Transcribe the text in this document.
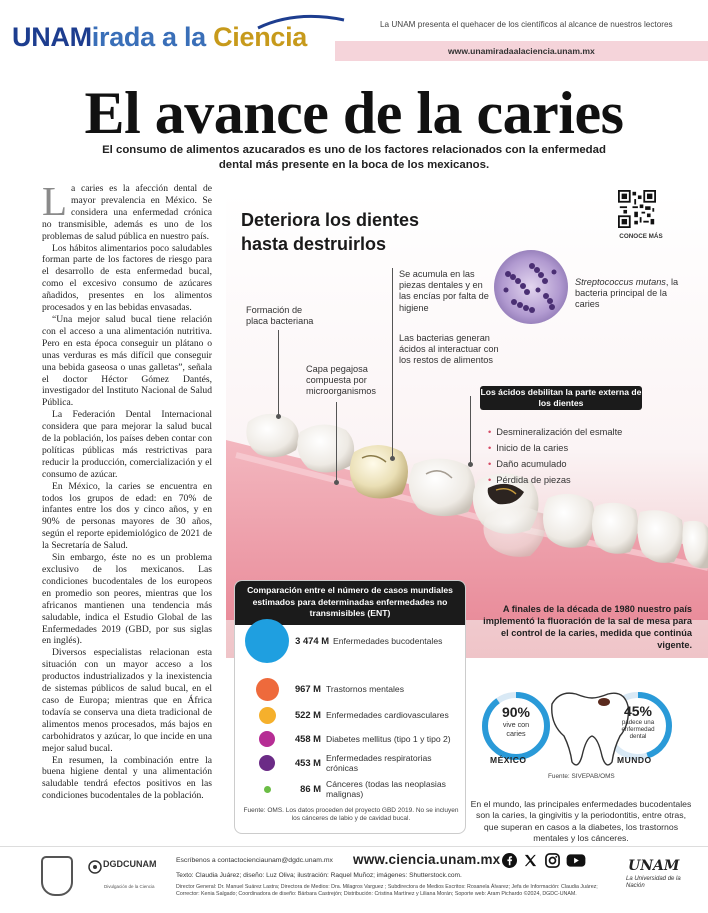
UNAMirada a la Ciencia	La UNAM presenta el quehacer de los científicos al alcance de nuestros lectores
www.unamiradaalaciencia.unam.mx
El avance de la caries
El consumo de alimentos azucarados es uno de los factores relacionados con la enfermedad dental más presente en la boca de los mexicanos.

La caries es la afección dental de mayor prevalencia en México. Se considera una enfermedad crónica no transmisible, además es uno de los problemas de salud pública en nuestro país.

Los hábitos alimentarios poco saludables forman parte de los factores de riesgo para el desarrollo de esta enfermedad bucal, como el excesivo consumo de azúcares añadidos, presentes en los alimentos procesados y en las bebidas envasadas.

“Una mejor salud bucal tiene relación con el acceso a una alimentación nutritiva. Pero en esta época conseguir un plátano o unas verduras es más difícil que conseguir una bebida gaseosa o unas galletas”, señala el doctor Héctor Gómez Dantés, investigador del Instituto Nacional de Salud Pública.

La Federación Dental Internacional considera que para mejorar la salud bucal de la población, los países deben contar con políticas públicas más restrictivas para reducir la producción, comercialización y el consumo de azúcar.

En México, la caries se encuentra en todos los grupos de edad: en 70% de infantes entre los dos y cinco años, y en 90% de personas mayores de 30 años, según el reporte epidemiológico de 2021 de la Secretaría de Salud.

Sin embargo, éste no es un problema exclusivo de los mexicanos. Las condiciones bucodentales de los europeos en promedio son peores, mientras que los africanos mantienen una tendencia más saludable, indica el Estudio Global de las Enfermedades 2019 (GBD, por sus siglas en inglés).

Diversos especialistas relacionan esta situación con un mayor acceso a los productos industrializados y la inexistencia de sistemas públicos de salud bucal, en el caso de Europa; mientras que en África todavía se conserva una dieta tradicional de alimentos menos procesados, más bajos en carbohidratos y azúcar, lo que incide en una mejor salud bucal.

En resumen, la combinación entre la buena higiene dental y una alimentación saludable tendrá efectos positivos en las condiciones bucodentales de la población.

Deteriora los dientes
hasta destruirlos	CONOCE MÁS
Formación de placa bacteriana
Capa pegajosa compuesta por microorganismos
Se acumula en las piezas dentales y en las encías por falta de higiene
Las bacterias generan ácidos al interactuar con los restos de alimentos
Streptococcus mutans, la bacteria principal de la caries
Los ácidos debilitan la parte externa de los dientes
• Desmineralización del esmalte
• Inicio de la caries
• Daño acumulado
• Pérdida de piezas
Comparación entre el número de casos mundiales estimados para determinadas enfermedades no transmisibles (ENT)
3 474 M Enfermedades bucodentales
967 M Trastornos mentales
522 M Enfermedades cardiovasculares
458 M Diabetes mellitus (tipo 1 y tipo 2)
453 M Enfermedades respiratorias
crónicas
86 M Cánceres (todas las neoplasias
malignas)
Fuente: OMS. Los datos proceden del proyecto GBD 2019. No se incluyen los cánceres de labio y de cavidad bucal.
A finales de la década de 1980 nuestro país implementó la fluoración de la sal de mesa para el control de la caries, medida que continúa vigente.
90%
vive con caries
45%
padece una enfermedad dental
MÉXICO	MUNDO
Fuente: SIVEPAB/OMS
En el mundo, las principales enfermedades bucodentales son la caries, la gingivitis y la periodontitis, entre otras, que superan en casos a la diabetes, los trastornos mentales y los cánceres.
DGDCUNAM
Divulgación de la Ciencia
Escríbenos a contactocienciaunam@dgdc.unam.mx www.ciencia.unam.mx
Texto: Claudia Juárez; diseño: Luz Oliva; ilustración: Raquel Muñoz; imágenes: Shutterstock.com.
Director General: Dr. Manuel Suárez Lastra; Directora de Medios: Dra. Milagros Varguez ; Subdirectora de Medios Escritos: Rosanela Álvarez; Jefa de Información: Claudia Juárez; Corrector: Kenia Salgado; Coordinadora de diseño: Bárbara Castrejón; Distribución: Cristina Martínez y Liliana Morán; Soporte web: Aram Pichardo ©2024, DGDC-UNAM.
UNAM
La Universidad de la Nación
